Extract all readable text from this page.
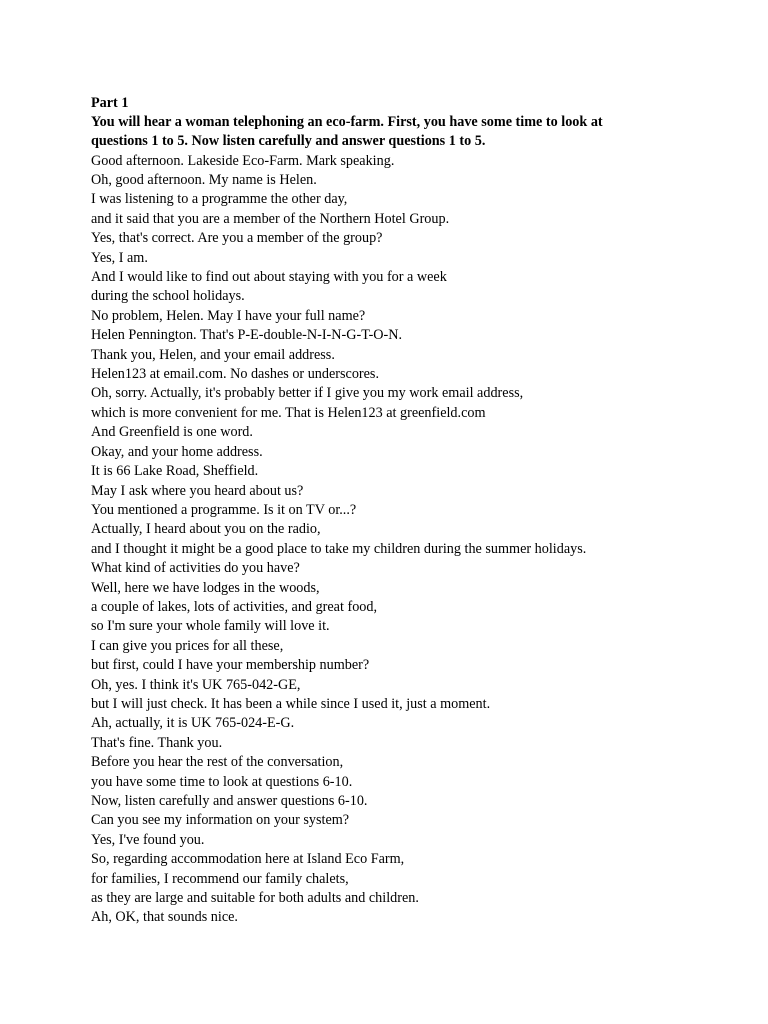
Part 1

You will hear a woman telephoning an eco-farm. First, you have some time to look at

questions 1 to 5. Now listen carefully and answer questions 1 to 5.

Good afternoon. Lakeside Eco-Farm. Mark speaking.
Oh, good afternoon. My name is Helen.
I was listening to a programme the other day,
and it said that you are a member of the Northern Hotel Group.
Yes, that's correct. Are you a member of the group?
Yes, I am.
And I would like to find out about staying with you for a week
during the school holidays.
No problem, Helen. May I have your full name?
Helen Pennington. That's P-E-double-N-I-N-G-T-O-N.
Thank you, Helen, and your email address.
Helen123 at email.com. No dashes or underscores.
Oh, sorry. Actually, it's probably better if I give you my work email address,
which is more convenient for me. That is Helen123 at greenfield.com
And Greenfield is one word.
Okay, and your home address.
It is 66 Lake Road, Sheffield.
May I ask where you heard about us?
You mentioned a programme. Is it on TV or...?
Actually, I heard about you on the radio,
and I thought it might be a good place to take my children during the summer holidays.
What kind of activities do you have?
Well, here we have lodges in the woods,
a couple of lakes, lots of activities, and great food,
so I'm sure your whole family will love it.
I can give you prices for all these,
but first, could I have your membership number?
Oh, yes. I think it's UK 765-042-GE,
but I will just check. It has been a while since I used it, just a moment.
Ah, actually, it is UK 765-024-E-G.
That's fine. Thank you.
Before you hear the rest of the conversation,
you have some time to look at questions 6-10.
Now, listen carefully and answer questions 6-10.
Can you see my information on your system?
Yes, I've found you.
So, regarding accommodation here at Island Eco Farm,
for families, I recommend our family chalets,
as they are large and suitable for both adults and children.
Ah, OK, that sounds nice.
